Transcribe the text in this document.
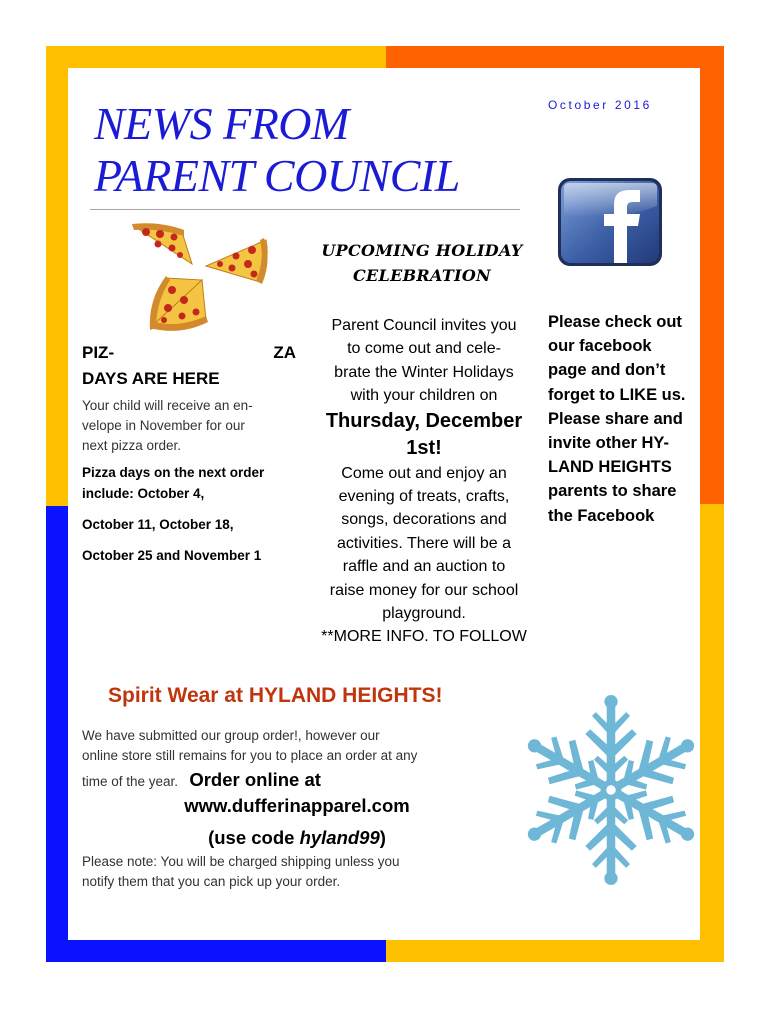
NEWS FROM
PARENT COUNCIL
October 2016
UPCOMING HOLIDAY
CELEBRATION
PIZ-	ZA
DAYS ARE HERE
Your child will receive an en-
velope in November for our
next pizza order.

Pizza days on the next order
include: October 4,

October 11, October 18,

October 25 and November 1

Parent Council invites you
to come out and cele-
brate the Winter Holidays
with your children on
Thursday, December
1st!
Come out and enjoy an
evening of treats, crafts,
songs, decorations and
activities. There will be a
raffle and an auction to
raise money for our school
playground.
**MORE INFO. TO FOLLOW
Please check out
our facebook
page and don’t
forget to LIKE us.
Please share and
invite other HY-
LAND HEIGHTS
parents to share
the Facebook
Spirit Wear at HYLAND HEIGHTS!
We have submitted our group order!, however our
online store still remains for you to place an order at any
time of the year. Order online at
www.dufferinapparel.com
(use code hyland99)
Please note: You will be charged shipping unless you
notify them that you can pick up your order.
